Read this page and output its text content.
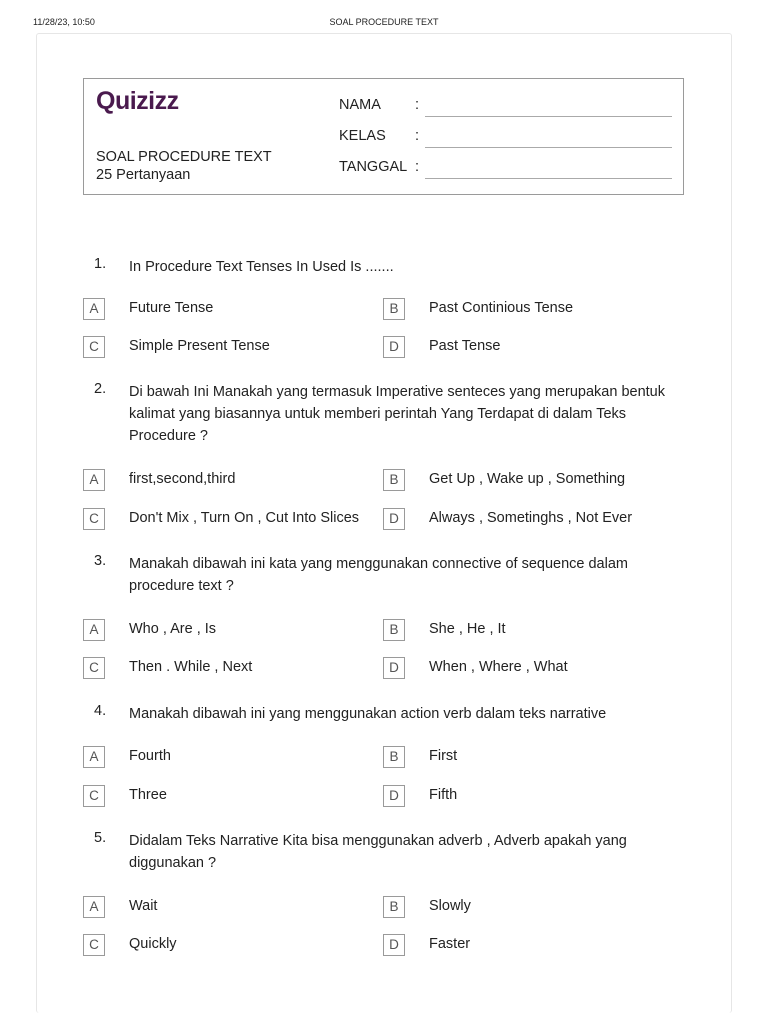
11/28/23, 10:50	SOAL PROCEDURE TEXT
Quizizz
SOAL PROCEDURE TEXT
25 Pertanyaan
NAMA :
KELAS :
TANGGAL :
1.	In Procedure Text Tenses In Used Is .......
A	Future Tense	B	Past Continious Tense
C	Simple Present Tense	D	Past Tense
2.	Di bawah Ini Manakah yang termasuk Imperative senteces yang merupakan bentuk kalimat yang biasannya untuk memberi perintah Yang Terdapat di dalam Teks Procedure ?
A	first,second,third	B	Get Up , Wake up , Something
C	Don't Mix , Turn On , Cut Into Slices	D	Always , Sometinghs , Not Ever
3.	Manakah dibawah ini kata yang menggunakan connective of sequence dalam procedure text ?
A	Who , Are , Is	B	She , He , It
C	Then . While , Next	D	When , Where , What
4.	Manakah dibawah ini yang menggunakan action verb dalam teks narrative
A	Fourth	B	First
C	Three	D	Fifth
5.	Didalam Teks Narrative Kita bisa menggunakan adverb , Adverb apakah yang diggunakan ?
A	Wait	B	Slowly
C	Quickly	D	Faster
